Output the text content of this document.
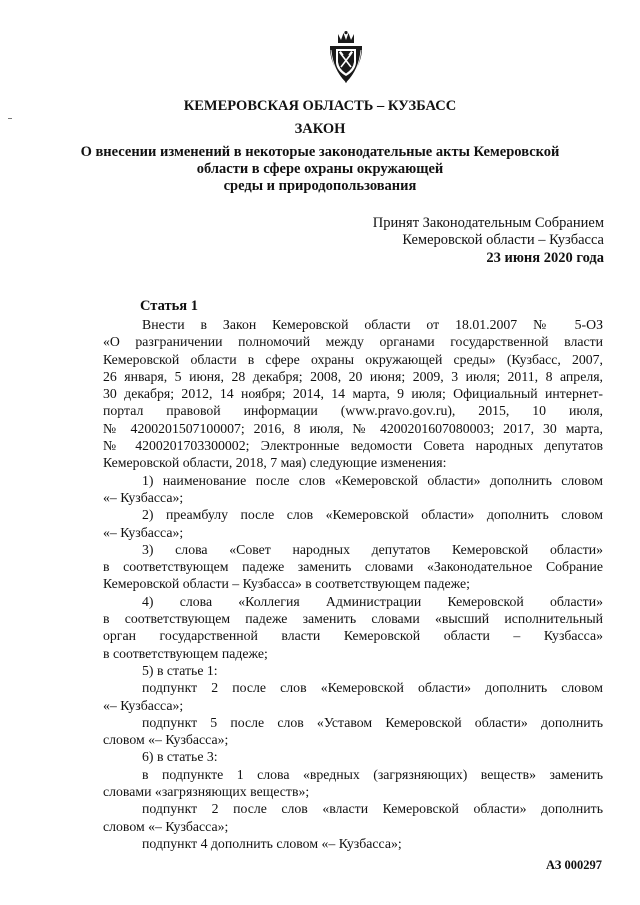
КЕМЕРОВСКАЯ ОБЛАСТЬ – КУЗБАСС
ЗАКОН
О внесении изменений в некоторые законодательные акты Кемеровской
области в сфере охраны окружающей
среды и природопользования
Принят Законодательным Собранием
Кемеровской области – Кузбасса
23 июня 2020 года
Статья 1
Внести в Закон Кемеровской области от 18.01.2007 № 5-ОЗ
«О разграничении полномочий между органами государственной власти
Кемеровской области в сфере охраны окружающей среды» (Кузбасс, 2007,
26 января, 5 июня, 28 декабря; 2008, 20 июня; 2009, 3 июля; 2011, 8 апреля,
30 декабря; 2012, 14 ноября; 2014, 14 марта, 9 июля; Официальный интернет-
портал правовой информации (www.pravo.gov.ru), 2015, 10 июля,
№ 4200201507100007; 2016, 8 июля, № 4200201607080003; 2017, 30 марта,
№ 4200201703300002; Электронные ведомости Совета народных депутатов
Кемеровской области, 2018, 7 мая) следующие изменения:
1) наименование после слов «Кемеровской области» дополнить словом
«– Кузбасса»;
2) преамбулу после слов «Кемеровской области» дополнить словом
«– Кузбасса»;
3) слова «Совет народных депутатов Кемеровской области»
в соответствующем падеже заменить словами «Законодательное Собрание
Кемеровской области – Кузбасса» в соответствующем падеже;
4) слова «Коллегия Администрации Кемеровской области»
в соответствующем падеже заменить словами «высший исполнительный
орган государственной власти Кемеровской области – Кузбасса»
в соответствующем падеже;
5) в статье 1:
подпункт 2 после слов «Кемеровской области» дополнить словом
«– Кузбасса»;
подпункт 5 после слов «Уставом Кемеровской области» дополнить
словом «– Кузбасса»;
6) в статье 3:
в подпункте 1 слова «вредных (загрязняющих) веществ» заменить
словами «загрязняющих веществ»;
подпункт 2 после слов «власти Кемеровской области» дополнить
словом «– Кузбасса»;
подпункт 4 дополнить словом «– Кузбасса»;
АЗ 000297
